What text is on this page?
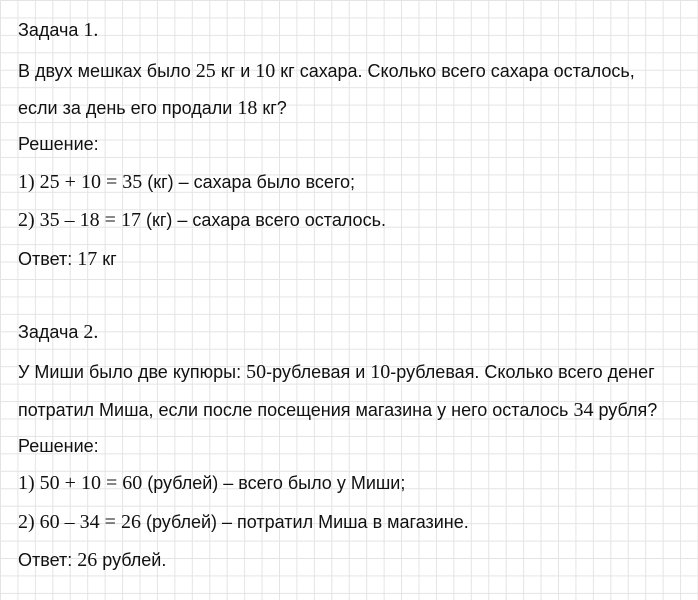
Задача 1.
В двух мешках было 25 кг и 10 кг сахара. Сколько всего сахара осталось,
если за день его продали 18 кг?
Решение:
1) 25 + 10 = 35 (кг) – сахара было всего;
2) 35 – 18 = 17 (кг) – сахара всего осталось.
Ответ: 17 кг
Задача 2.
У Миши было две купюры: 50-рублевая и 10-рублевая. Сколько всего денег
потратил Миша, если после посещения магазина у него осталось 34 рубля?
Решение:
1) 50 + 10 = 60 (рублей) – всего было у Миши;
2) 60 – 34 = 26 (рублей) – потратил Миша в магазине.
Ответ: 26 рублей.
